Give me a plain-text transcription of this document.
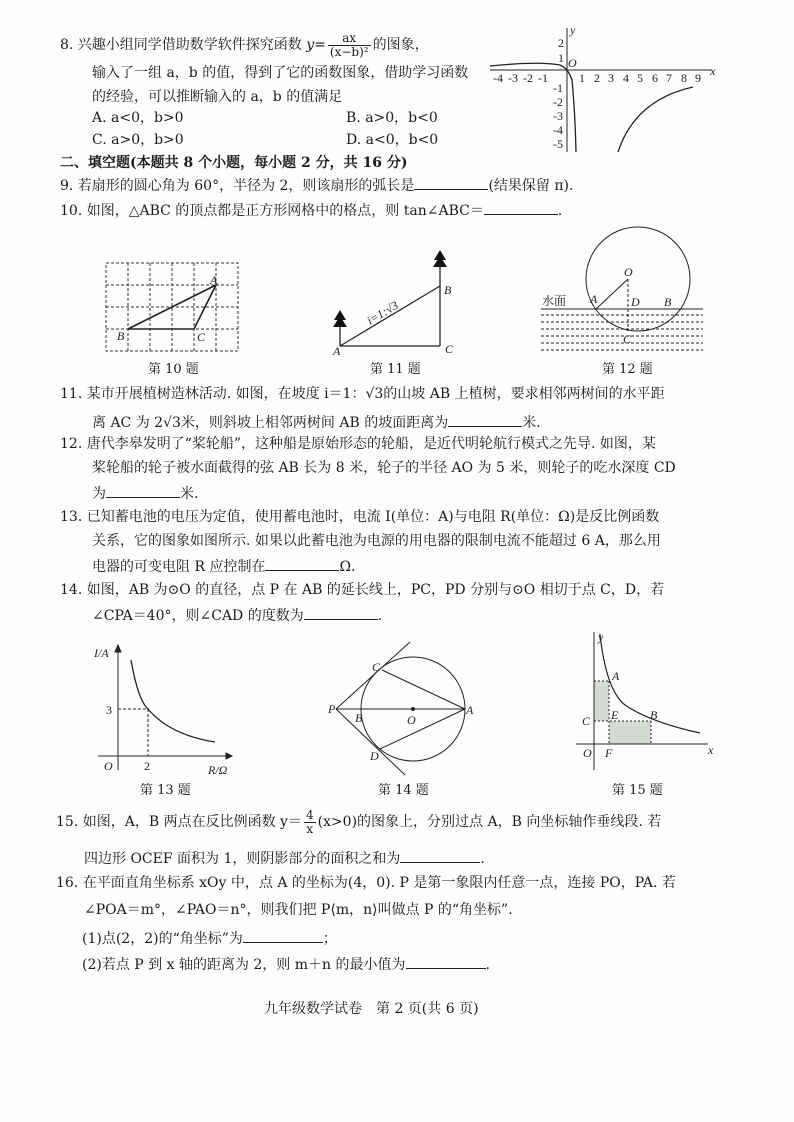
8. 兴趣小组同学借助数学软件探究函数 $y= \frac{ax}{\text{(x−b)²}}$ 的图象，
输入了一组 a，b 的值，得到了它的函数图象，借助学习函数
的经验，可以推断输入的 a，b 的值满足
A. a<0，b>0	B. a>0，b<0
C. a>0，b>0	D. a<0，b<0
y
x
O
-4 -3 -2 -1	1 2 3 4 5 6 7 8 9
2
1
-1
-2
-3
-4
-5
A
B	C
A
B
C
i=1:√3
O
A	D B
C
水面
I/A
R/Ω
O
3
2
P
B	O
A
C
D
y
x
O
A
B
C E
F
二、填空题(本题共 8 个小题，每小题 2 分，共 16 分)
9. 若扇形的圆心角为 60°，半径为 2，则该扇形的弧长是	(结果保留 π).
10. 如图，△ABC 的顶点都是正方形网格中的格点，则 tan∠ABC＝	.
第 10 题	第 11 题	第 12 题
11. 某市开展植树造林活动. 如图，在坡度 i＝1：√3的山坡 AB 上植树，要求相邻两树间的水平距
离 AC 为 2√3米，则斜坡上相邻两树间 AB 的坡面距离为	米.
12. 唐代李皋发明了“桨轮船”，这种船是原始形态的轮船，是近代明轮航行模式之先导. 如图，某
桨轮船的轮子被水面截得的弦 AB 长为 8 米，轮子的半径 AO 为 5 米，则轮子的吃水深度 CD
为	米.
13. 已知蓄电池的电压为定值，使用蓄电池时，电流 I(单位：A)与电阻 R(单位：Ω)是反比例函数
关系，它的图象如图所示. 如果以此蓄电池为电源的用电器的限制电流不能超过 6 A，那么用
电器的可变电阻 R 应控制在	Ω.
14. 如图，AB 为⊙O 的直径，点 P 在 AB 的延长线上，PC，PD 分别与⊙O 相切于点 C，D，若
∠CPA＝40°，则∠CAD 的度数为	.
第 13 题	第 14 题	第 15 题
15. 如图，A，B 两点在反比例函数 $y= \frac{4}{x} (x>0)$的图象上，分别过点 A，B 向坐标轴作垂线段. 若
四边形 OCEF 面积为 1，则阴影部分的面积之和为	.
16. 在平面直角坐标系 xOy 中，点 A 的坐标为(4，0). P 是第一象限内任意一点，连接 PO，PA. 若
∠POA＝m°，∠PAO＝n°，则我们把 P⟨m，n⟩叫做点 P 的“角坐标”.
(1)点(2，2)的“角坐标”为	；
(2)若点 P 到 x 轴的距离为 2，则 m＋n 的最小值为	.
九年级数学试卷　第 2 页(共 6 页)
